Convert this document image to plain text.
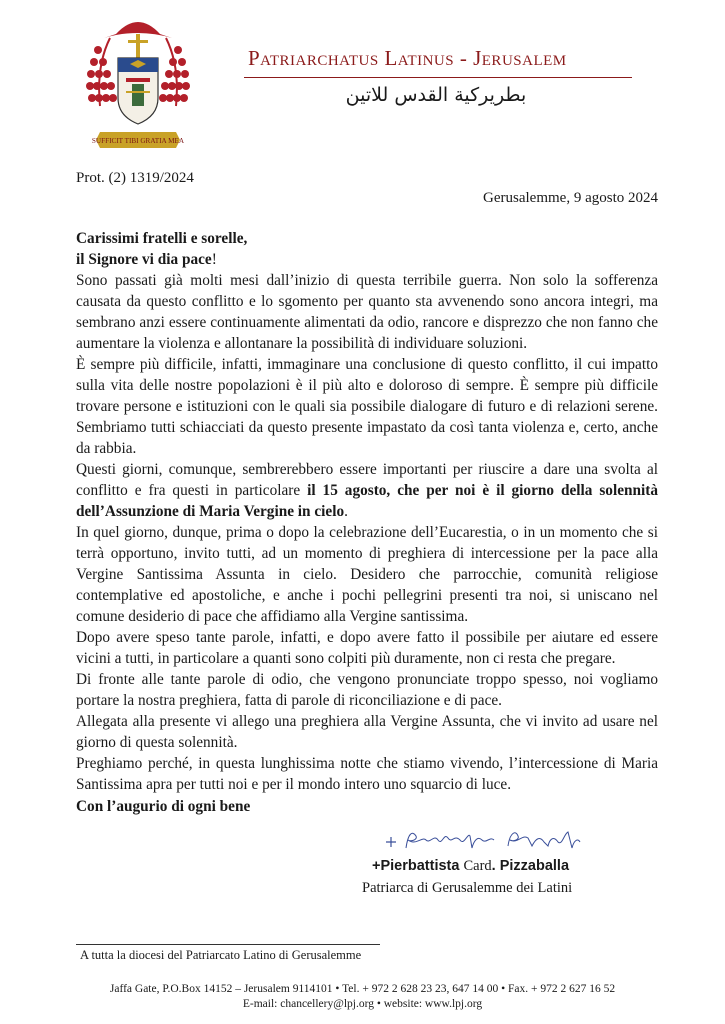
SUFFICIT TIBI GRATIA MEA
Patriarchatus Latinus - Jerusalem
بطريركية القدس للاتين
Prot. (2) 1319/2024
Gerusalemme, 9 agosto 2024

Carissimi fratelli e sorelle,

il Signore vi dia pace!

Sono passati già molti mesi dall’inizio di questa terribile guerra. Non solo la sofferenza causata da questo conflitto e lo sgomento per quanto sta avvenendo sono ancora integri, ma sembrano anzi essere continuamente alimentati da odio, rancore e disprezzo che non fanno che aumentare la violenza e allontanare la possibilità di individuare soluzioni.

È sempre più difficile, infatti, immaginare una conclusione di questo conflitto, il cui impatto sulla vita delle nostre popolazioni è il più alto e doloroso di sempre. È sempre più difficile trovare persone e istituzioni con le quali sia possibile dialogare di futuro e di relazioni serene. Sembriamo tutti schiacciati da questo presente impastato da così tanta violenza e, certo, anche da rabbia.

Questi giorni, comunque, sembrerebbero essere importanti per riuscire a dare una svolta al conflitto e fra questi in particolare il 15 agosto, che per noi è il giorno della solennità dell’Assunzione di Maria Vergine in cielo.

In quel giorno, dunque, prima o dopo la celebrazione dell’Eucarestia, o in un momento che si terrà opportuno, invito tutti, ad un momento di preghiera di intercessione per la pace alla Vergine Santissima Assunta in cielo. Desidero che parrocchie, comunità religiose contemplative ed apostoliche, e anche i pochi pellegrini presenti tra noi, si uniscano nel comune desiderio di pace che affidiamo alla Vergine santissima.

Dopo avere speso tante parole, infatti, e dopo avere fatto il possibile per aiutare ed essere vicini a tutti, in particolare a quanti sono colpiti più duramente, non ci resta che pregare.

Di fronte alle tante parole di odio, che vengono pronunciate troppo spesso, noi vogliamo portare la nostra preghiera, fatta di parole di riconciliazione e di pace.

Allegata alla presente vi allego una preghiera alla Vergine Assunta, che vi invito ad usare nel giorno di questa solennità.

Preghiamo perché, in questa lunghissima notte che stiamo vivendo, l’intercessione di Maria Santissima apra per tutti noi e per il mondo intero uno squarcio di luce.

Con l’augurio di ogni bene
+Pierbattista Card. Pizzaballa
Patriarca di Gerusalemme dei Latini
A tutta la diocesi del Patriarcato Latino di Gerusalemme
Jaffa Gate, P.O.Box 14152 – Jerusalem 9114101 • Tel. + 972 2 628 23 23, 647 14 00 • Fax. + 972 2 627 16 52
E-mail: chancellery@lpj.org • website: www.lpj.org
